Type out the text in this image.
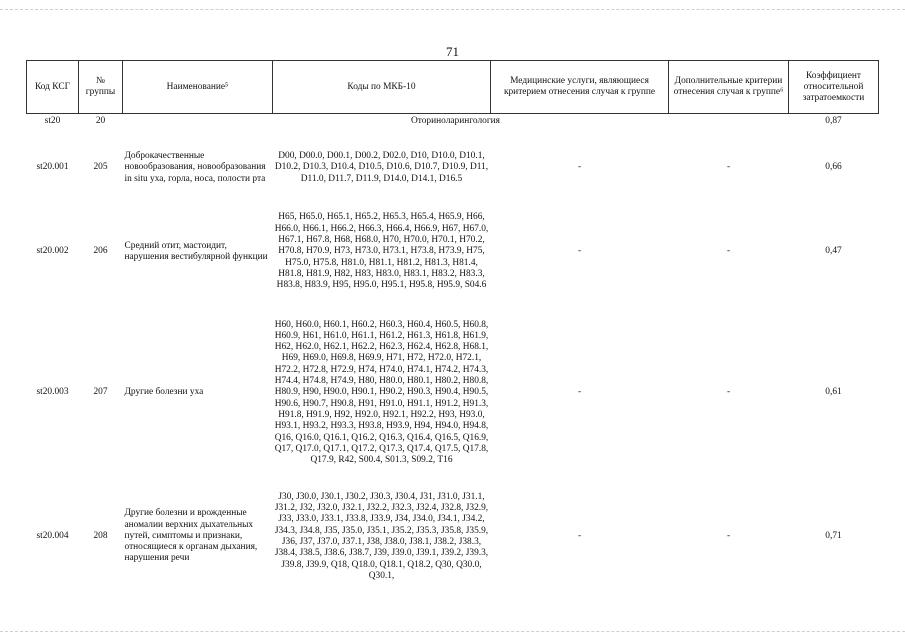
71
Код КСГ	№ группы	Наименование⁵	Коды по МКБ-10	Медицинские услуги, являющиеся критерием отнесения случая к группе	Дополнительные критерии отнесения случая к группе⁶	Коэффициент относительной затратоемкости
st20	20	Оториноларингология				0,87
st20.001	205	Доброкачественные новообразования, новообразования in situ уха, горла, носа, полости рта	D00, D00.0, D00.1, D00.2, D02.0, D10, D10.0, D10.1, D10.2, D10.3, D10.4, D10.5, D10.6, D10.7, D10.9, D11, D11.0, D11.7, D11.9, D14.0, D14.1, D16.5	-	-	0,66
st20.002	206	Средний отит, мастоидит, нарушения вестибулярной функции	H65, H65.0, H65.1, H65.2, H65.3, H65.4, H65.9, H66, H66.0, H66.1, H66.2, H66.3, H66.4, H66.9, H67, H67.0, H67.1, H67.8, H68, H68.0, H70, H70.0, H70.1, H70.2, H70.8, H70.9, H73, H73.0, H73.1, H73.8, H73.9, H75, H75.0, H75.8, H81.0, H81.1, H81.2, H81.3, H81.4, H81.8, H81.9, H82, H83, H83.0, H83.1, H83.2, H83.3, H83.8, H83.9, H95, H95.0, H95.1, H95.8, H95.9, S04.6	-	-	0,47
st20.003	207	Другие болезни уха	H60, H60.0, H60.1, H60.2, H60.3, H60.4, H60.5, H60.8, H60.9, H61, H61.0, H61.1, H61.2, H61.3, H61.8, H61.9, H62, H62.0, H62.1, H62.2, H62.3, H62.4, H62.8, H68.1, H69, H69.0, H69.8, H69.9, H71, H72, H72.0, H72.1, H72.2, H72.8, H72.9, H74, H74.0, H74.1, H74.2, H74.3, H74.4, H74.8, H74.9, H80, H80.0, H80.1, H80.2, H80.8, H80.9, H90, H90.0, H90.1, H90.2, H90.3, H90.4, H90.5, H90.6, H90.7, H90.8, H91, H91.0, H91.1, H91.2, H91.3, H91.8, H91.9, H92, H92.0, H92.1, H92.2, H93, H93.0, H93.1, H93.2, H93.3, H93.8, H93.9, H94, H94.0, H94.8, Q16, Q16.0, Q16.1, Q16.2, Q16.3, Q16.4, Q16.5, Q16.9, Q17, Q17.0, Q17.1, Q17.2, Q17.3, Q17.4, Q17.5, Q17.8, Q17.9, R42, S00.4, S01.3, S09.2, T16	-	-	0,61
st20.004	208	Другие болезни и врожденные аномалии верхних дыхательных путей, симптомы и признаки, относящиеся к органам дыхания, нарушения речи	J30, J30.0, J30.1, J30.2, J30.3, J30.4, J31, J31.0, J31.1, J31.2, J32, J32.0, J32.1, J32.2, J32.3, J32.4, J32.8, J32.9, J33, J33.0, J33.1, J33.8, J33.9, J34, J34.0, J34.1, J34.2, J34.3, J34.8, J35, J35.0, J35.1, J35.2, J35.3, J35.8, J35.9, J36, J37, J37.0, J37.1, J38, J38.0, J38.1, J38.2, J38.3, J38.4, J38.5, J38.6, J38.7, J39, J39.0, J39.1, J39.2, J39.3, J39.8, J39.9, Q18, Q18.0, Q18.1, Q18.2, Q30, Q30.0, Q30.1,	-	-	0,71
